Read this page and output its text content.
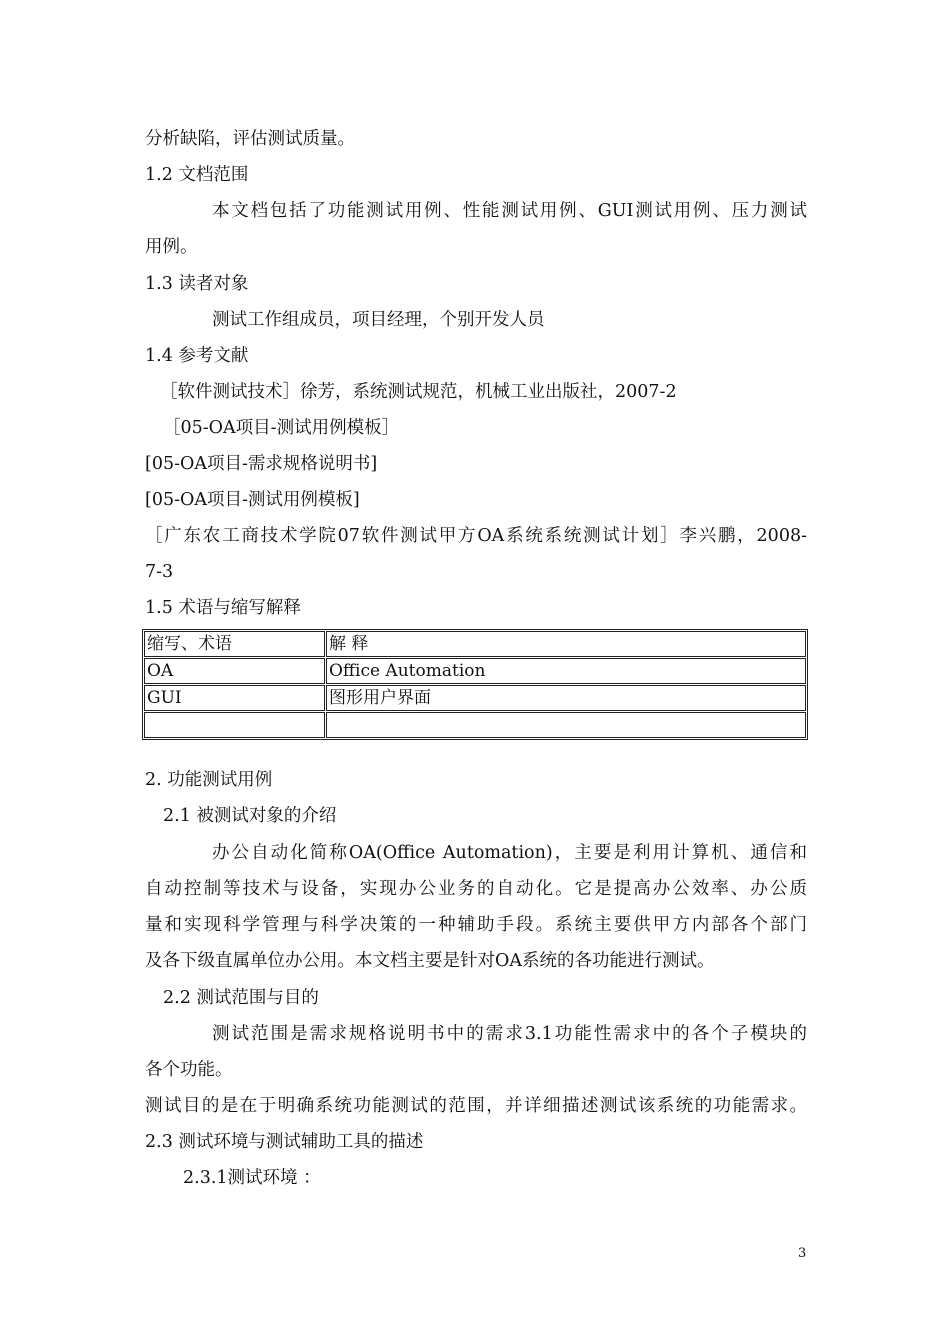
分析缺陷，评估测试质量。
1.2 文档范围
本文档包括了功能测试用例、性能测试用例、GUI测试用例、压力测试
用例。
1.3 读者对象
测试工作组成员，项目经理，个别开发人员
1.4 参考文献
［软件测试技术］徐芳，系统测试规范，机械工业出版社，2007-2
［05-OA项目-测试用例模板］
[05-OA项目-需求规格说明书]
[05-OA项目-测试用例模板]
［广东农工商技术学院07软件测试甲方OA系统系统测试计划］李兴鹏，2008-
7-3
1.5 术语与缩写解释
缩写、术语	解 释
OA	Office Automation
GUI	图形用户界面

2. 功能测试用例
2.1 被测试对象的介绍
办公自动化简称OA(Office Automation)，主要是利用计算机、通信和
自动控制等技术与设备，实现办公业务的自动化。它是提高办公效率、办公质
量和实现科学管理与科学决策的一种辅助手段。系统主要供甲方内部各个部门
及各下级直属单位办公用。本文档主要是针对OA系统的各功能进行测试。
2.2 测试范围与目的
测试范围是需求规格说明书中的需求3.1功能性需求中的各个子模块的
各个功能。
测试目的是在于明确系统功能测试的范围，并详细描述测试该系统的功能需求。
2.3 测试环境与测试辅助工具的描述
2.3.1测试环境 ：
3
